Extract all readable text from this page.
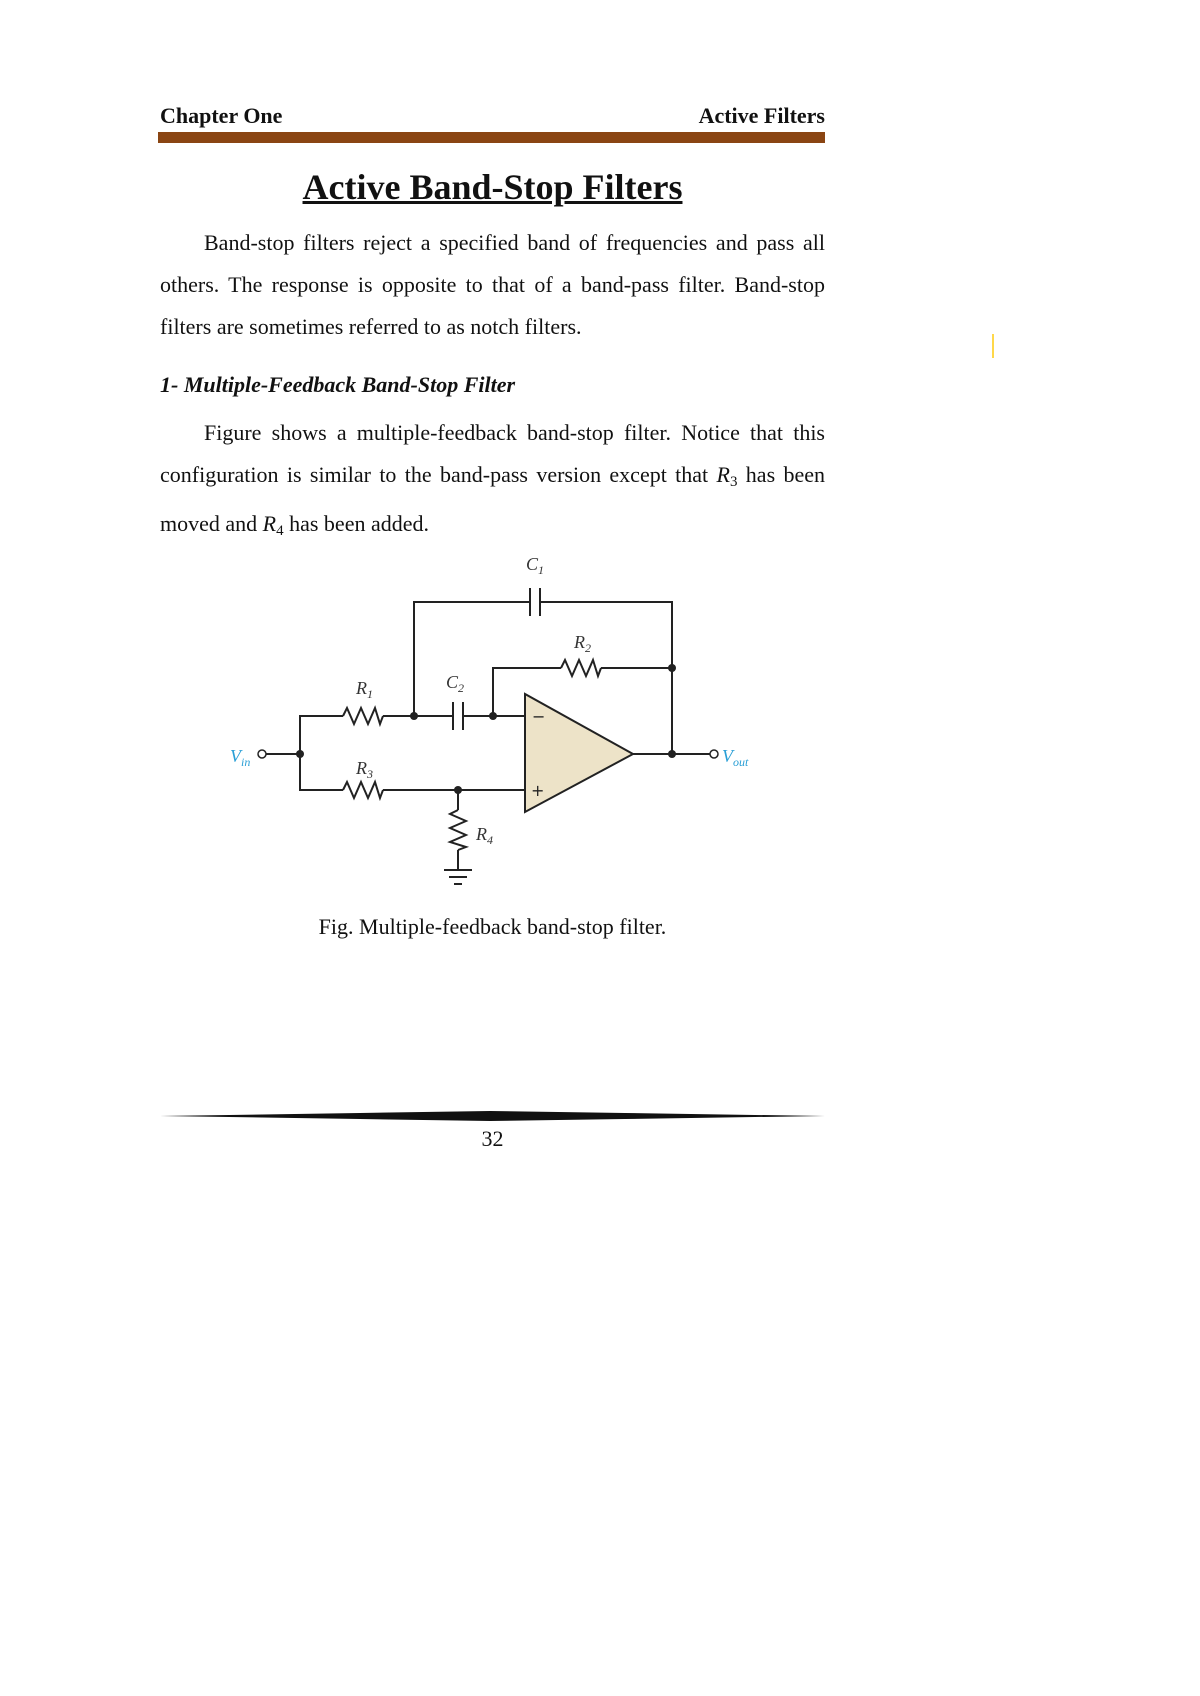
Chapter One	Active Filters
Active Band-Stop Filters

Band-stop filters reject a specified band of frequencies and pass all others. The response is opposite to that of a band-pass filter. Band-stop filters are sometimes referred to as notch filters.

1- Multiple-Feedback Band-Stop Filter

Figure shows a multiple-feedback band-stop filter. Notice that this configuration is similar to the band-pass version except that $R_3$ has been moved and $R_4$ has been added.

−
+
$C_1$
$R_2$
$R_1$
$C_2$
$R_3$
$R_4$
$V_{in}$	$V_{out}$

Fig. Multiple-feedback band-stop filter.

32
